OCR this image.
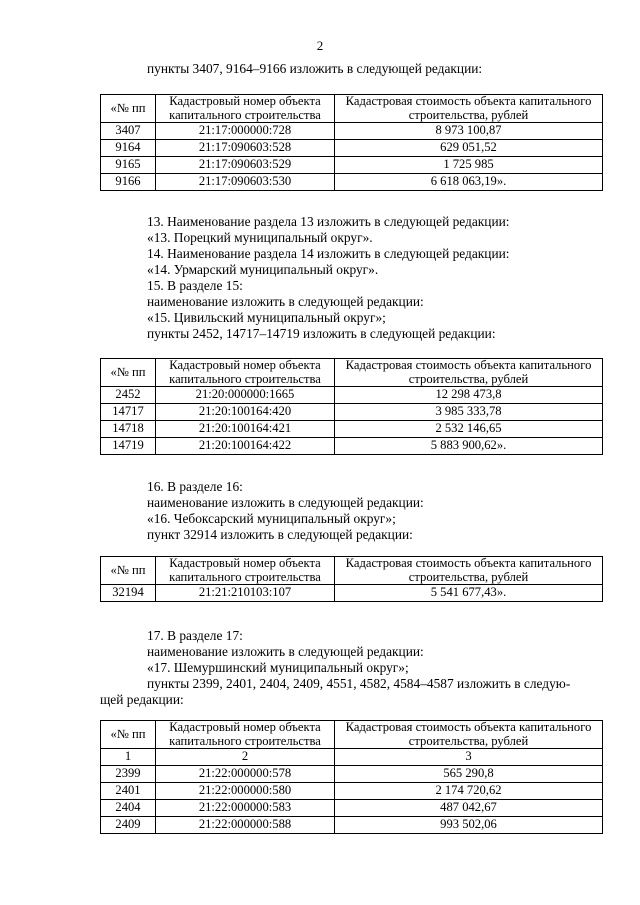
2
пункты 3407, 9164–9166 изложить в следующей редакции:
«№ пп	Кадастровый номер объекта капитального строительства	Кадастровая стоимость объекта капитального строительства, рублей
3407	21:17:000000:728	8 973 100,87
9164	21:17:090603:528	629 051,52
9165	21:17:090603:529	1 725 985
9166	21:17:090603:530	6 618 063,19».
13. Наименование раздела 13 изложить в следующей редакции:
«13. Порецкий муниципальный округ».
14. Наименование раздела 14 изложить в следующей редакции:
«14. Урмарский муниципальный округ».
15. В разделе 15:
наименование изложить в следующей редакции:
«15. Цивильский муниципальный округ»;
пункты 2452, 14717–14719 изложить в следующей редакции:
«№ пп	Кадастровый номер объекта капитального строительства	Кадастровая стоимость объекта капитального строительства, рублей
2452	21:20:000000:1665	12 298 473,8
14717	21:20:100164:420	3 985 333,78
14718	21:20:100164:421	2 532 146,65
14719	21:20:100164:422	5 883 900,62».
16. В разделе 16:
наименование изложить в следующей редакции:
«16. Чебоксарский муниципальный округ»;
пункт 32914 изложить в следующей редакции:
«№ пп	Кадастровый номер объекта капитального строительства	Кадастровая стоимость объекта капитального строительства, рублей
32194	21:21:210103:107	5 541 677,43».
17. В разделе 17:
наименование изложить в следующей редакции:
«17. Шемуршинский муниципальный округ»;
пункты 2399, 2401, 2404, 2409, 4551, 4582, 4584–4587 изложить в следую-
щей редакции:
«№ пп	Кадастровый номер объекта капитального строительства	Кадастровая стоимость объекта капитального строительства, рублей
1	2	3
2399	21:22:000000:578	565 290,8
2401	21:22:000000:580	2 174 720,62
2404	21:22:000000:583	487 042,67
2409	21:22:000000:588	993 502,06
